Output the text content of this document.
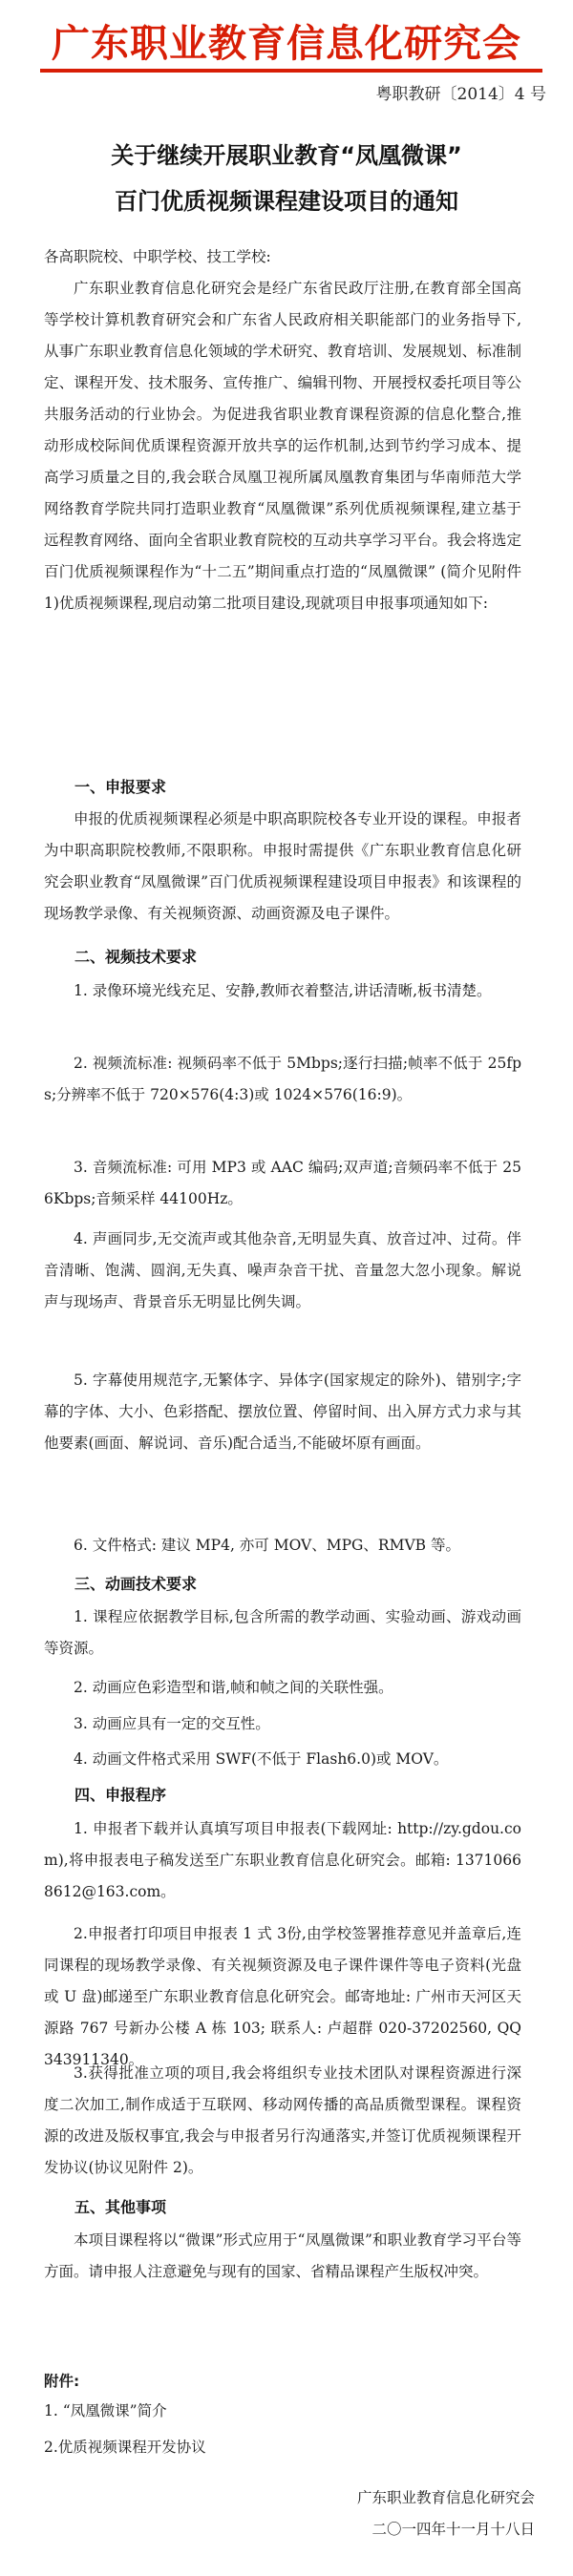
广东职业教育信息化研究会
粤职教研〔2014〕4 号
关于继续开展职业教育“凤凰微课”
百门优质视频课程建设项目的通知
各高职院校、中职学校、技工学校:
广东职业教育信息化研究会是经广东省民政厅注册,在教育部全国高等学校计算机教育研究会和广东省人民政府相关职能部门的业务指导下,从事广东职业教育信息化领域的学术研究、教育培训、发展规划、标准制定、课程开发、技术服务、宣传推广、编辑刊物、开展授权委托项目等公共服务活动的行业协会。为促进我省职业教育课程资源的信息化整合,推动形成校际间优质课程资源开放共享的运作机制,达到节约学习成本、提高学习质量之目的,我会联合凤凰卫视所属凤凰教育集团与华南师范大学网络教育学院共同打造职业教育“凤凰微课”系列优质视频课程,建立基于远程教育网络、面向全省职业教育院校的互动共享学习平台。我会将选定百门优质视频课程作为“十二五”期间重点打造的“凤凰微课” (简介见附件 1)优质视频课程,现启动第二批项目建设,现就项目申报事项通知如下:
一、申报要求
申报的优质视频课程必须是中职高职院校各专业开设的课程。申报者为中职高职院校教师,不限职称。申报时需提供《广东职业教育信息化研究会职业教育“凤凰微课”百门优质视频课程建设项目申报表》和该课程的现场教学录像、有关视频资源、动画资源及电子课件。
二、视频技术要求
1. 录像环境光线充足、安静,教师衣着整洁,讲话清晰,板书清楚。
2. 视频流标准: 视频码率不低于 5Mbps;逐行扫描;帧率不低于 25fps;分辨率不低于 720×576(4:3)或 1024×576(16:9)。
3. 音频流标准: 可用 MP3 或 AAC 编码;双声道;音频码率不低于 256Kbps;音频采样 44100Hz。
4. 声画同步,无交流声或其他杂音,无明显失真、放音过冲、过荷。伴音清晰、饱满、圆润,无失真、噪声杂音干扰、音量忽大忽小现象。解说声与现场声、背景音乐无明显比例失调。
5. 字幕使用规范字,无繁体字、异体字(国家规定的除外)、错别字;字幕的字体、大小、色彩搭配、摆放位置、停留时间、出入屏方式力求与其他要素(画面、解说词、音乐)配合适当,不能破坏原有画面。
6. 文件格式: 建议 MP4, 亦可 MOV、MPG、RMVB 等。
三、动画技术要求
1. 课程应依据教学目标,包含所需的教学动画、实验动画、游戏动画等资源。
2. 动画应色彩造型和谐,帧和帧之间的关联性强。
3. 动画应具有一定的交互性。
4. 动画文件格式采用 SWF(不低于 Flash6.0)或 MOV。
四、申报程序
1. 申报者下载并认真填写项目申报表(下载网址: http://zy.gdou.com),将申报表电子稿发送至广东职业教育信息化研究会。邮箱: 13710668612@163.com。
2.申报者打印项目申报表 1 式 3份,由学校签署推荐意见并盖章后,连同课程的现场教学录像、有关视频资源及电子课件课件等电子资料(光盘或 U 盘)邮递至广东职业教育信息化研究会。邮寄地址: 广州市天河区天源路 767 号新办公楼 A 栋 103; 联系人: 卢超群 020-37202560, QQ 343911340。
3.获得批准立项的项目,我会将组织专业技术团队对课程资源进行深度二次加工,制作成适于互联网、移动网传播的高品质微型课程。课程资源的改进及版权事宜,我会与申报者另行沟通落实,并签订优质视频课程开发协议(协议见附件 2)。
五、其他事项
本项目课程将以“微课”形式应用于“凤凰微课”和职业教育学习平台等方面。请申报人注意避免与现有的国家、省精品课程产生版权冲突。
附件:
1. “凤凰微课”简介
2.优质视频课程开发协议
广东职业教育信息化研究会
二〇一四年十一月十八日
